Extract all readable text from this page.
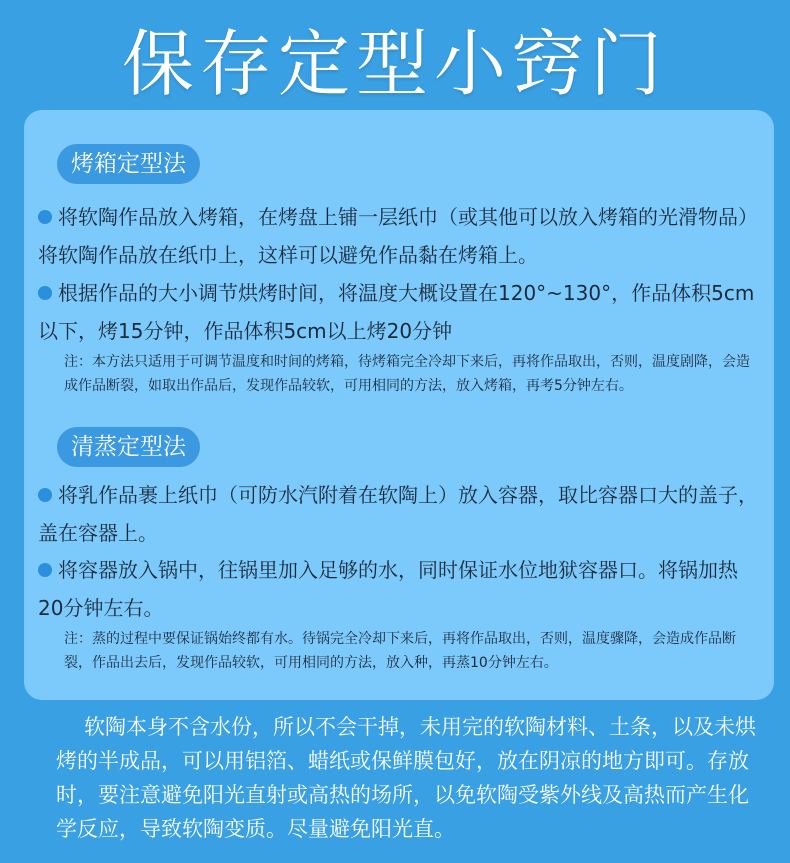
保存定型小窍门
烤箱定型法
将软陶作品放入烤箱，在烤盘上铺一层纸巾（或其他可以放入烤箱的光滑物品）将软陶作品放在纸巾上，这样可以避免作品黏在烤箱上。
根据作品的大小调节烘烤时间，将温度大概设置在120°~130°，作品体积5cm以下，烤15分钟，作品体积5cm以上烤20分钟
注：本方法只适用于可调节温度和时间的烤箱，待烤箱完全冷却下来后，再将作品取出，否则，温度剧降，会造成作品断裂，如取出作品后，发现作品较软，可用相同的方法，放入烤箱，再考5分钟左右。
清蒸定型法
将乳作品裹上纸巾（可防水汽附着在软陶上）放入容器，取比容器口大的盖子，盖在容器上。
将容器放入锅中，往锅里加入足够的水，同时保证水位地狱容器口。将锅加热20分钟左右。
注：蒸的过程中要保证锅始终都有水。待锅完全冷却下来后，再将作品取出，否则，温度骤降，会造成作品断裂，作品出去后，发现作品较软，可用相同的方法，放入种，再蒸10分钟左右。
软陶本身不含水份，所以不会干掉，未用完的软陶材料、土条，以及未烘烤的半成品，可以用铝箔、蜡纸或保鲜膜包好，放在阴凉的地方即可。存放时，要注意避免阳光直射或高热的场所，以免软陶受紫外线及高热而产生化学反应，导致软陶变质。尽量避免阳光直。
